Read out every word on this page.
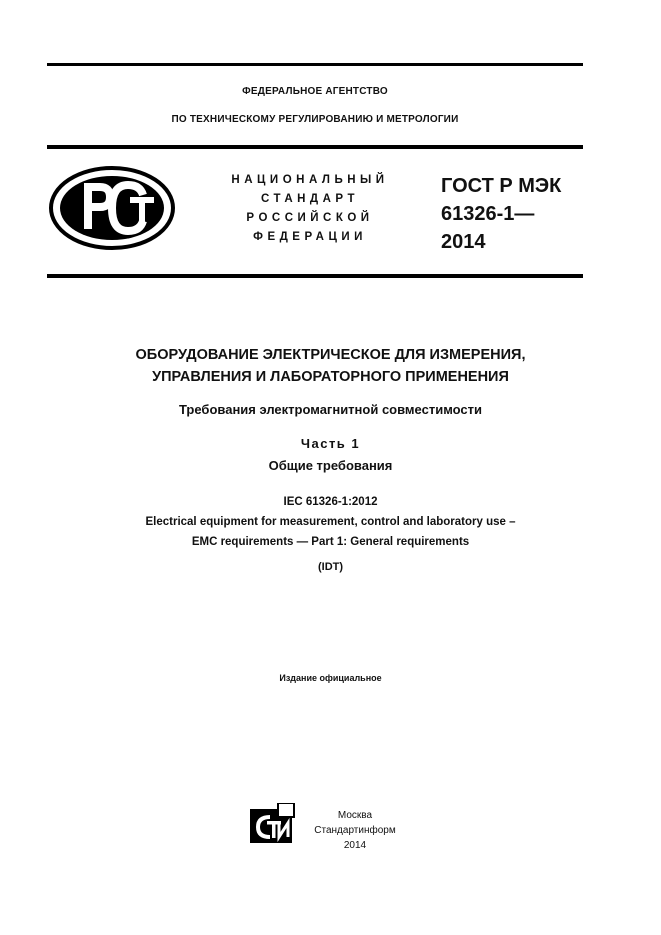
ФЕДЕРАЛЬНОЕ АГЕНТСТВО
ПО ТЕХНИЧЕСКОМУ РЕГУЛИРОВАНИЮ И МЕТРОЛОГИИ
PCT
НАЦИОНАЛЬНЫЙ
СТАНДАРТ
РОССИЙСКОЙ
ФЕДЕРАЦИИ
ГОСТ Р МЭК
61326-1—
2014
ОБОРУДОВАНИЕ ЭЛЕКТРИЧЕСКОЕ ДЛЯ ИЗМЕРЕНИЯ,
УПРАВЛЕНИЯ И ЛАБОРАТОРНОГО ПРИМЕНЕНИЯ
Требования электромагнитной совместимости
Часть 1
Общие требования
IEC 61326-1:2012
Electrical equipment for measurement, control and laboratory use –
EMC requirements — Part 1: General requirements
(IDT)
Издание официальное
СТИ
Москва
Стандартинформ
2014
